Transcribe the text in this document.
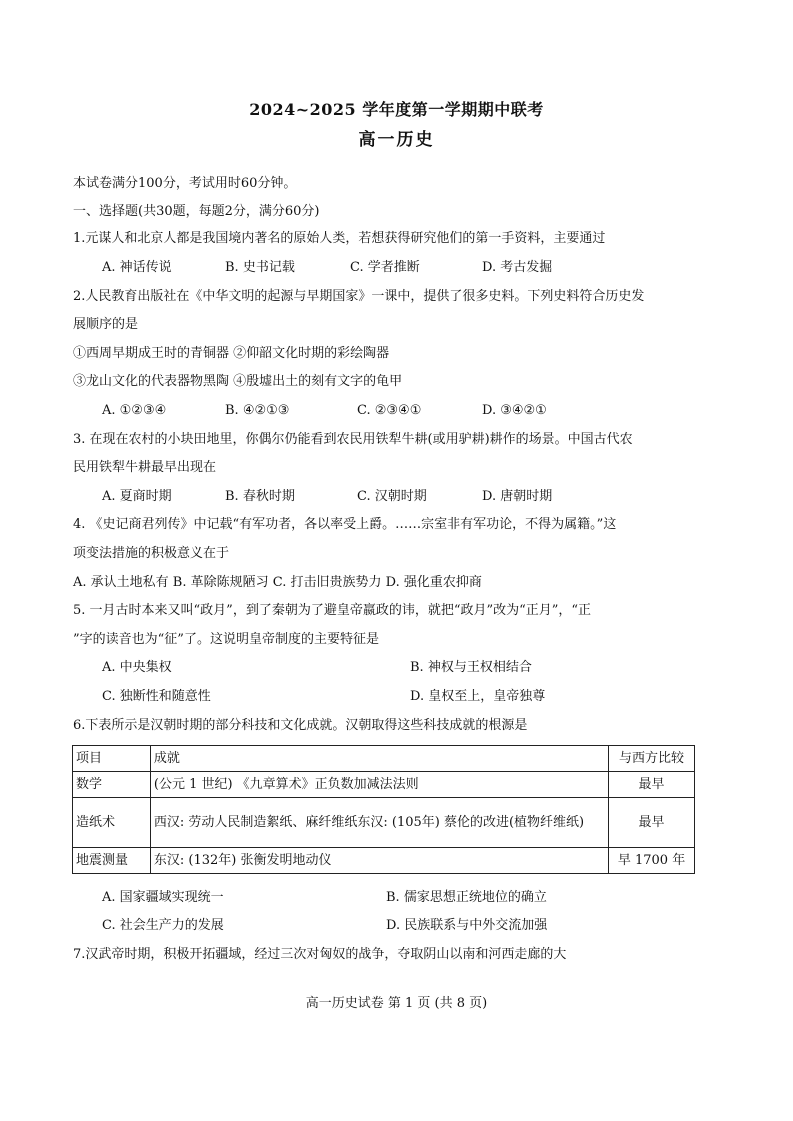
2024~2025 学年度第一学期期中联考
高一历史
本试卷满分100分，考试用时60分钟。
一、选择题(共30题，每题2分，满分60分)
1.元谋人和北京人都是我国境内著名的原始人类，若想获得研究他们的第一手资料，主要通过
A. 神话传说	B. 史书记载	C. 学者推断	D. 考古发掘
2.人民教育出版社在《中华文明的起源与早期国家》一课中，提供了很多史料。下列史料符合历史发
展顺序的是
①西周早期成王时的青铜器 ②仰韶文化时期的彩绘陶器
③龙山文化的代表器物黑陶 ④殷墟出土的刻有文字的龟甲
A. ①②③④	B. ④②①③	C. ②③④①	D. ③④②①
3. 在现在农村的小块田地里，你偶尔仍能看到农民用铁犁牛耕(或用驴耕)耕作的场景。中国古代农
民用铁犁牛耕最早出现在
A. 夏商时期	B. 春秋时期	C. 汉朝时期	D. 唐朝时期
4. 《史记商君列传》中记载“有军功者，各以率受上爵。……宗室非有军功论，不得为属籍。”这
项变法措施的积极意义在于
A. 承认土地私有 B. 革除陈规陋习 C. 打击旧贵族势力 D. 强化重农抑商
5. 一月古时本来又叫“政月”，到了秦朝为了避皇帝嬴政的讳，就把“政月”改为“正月”，“正
”字的读音也为“征”了。这说明皇帝制度的主要特征是
A. 中央集权	B. 神权与王权相结合
C. 独断性和随意性	D. 皇权至上，皇帝独尊
6.下表所示是汉朝时期的部分科技和文化成就。汉朝取得这些科技成就的根源是
项目	成就	与西方比较
数学	(公元 1 世纪) 《九章算术》正负数加减法法则	最早
造纸术	西汉: 劳动人民制造絮纸、麻纤维纸东汉: (105年) 蔡伦的改进(植物纤维纸)	最早
地震测量	东汉: (132年) 张衡发明地动仪	早 1700 年
A. 国家疆域实现统一	B. 儒家思想正统地位的确立
C. 社会生产力的发展	D. 民族联系与中外交流加强
7.汉武帝时期，积极开拓疆域，经过三次对匈奴的战争，夺取阴山以南和河西走廊的大
高一历史试卷 第 1 页 (共 8 页)
